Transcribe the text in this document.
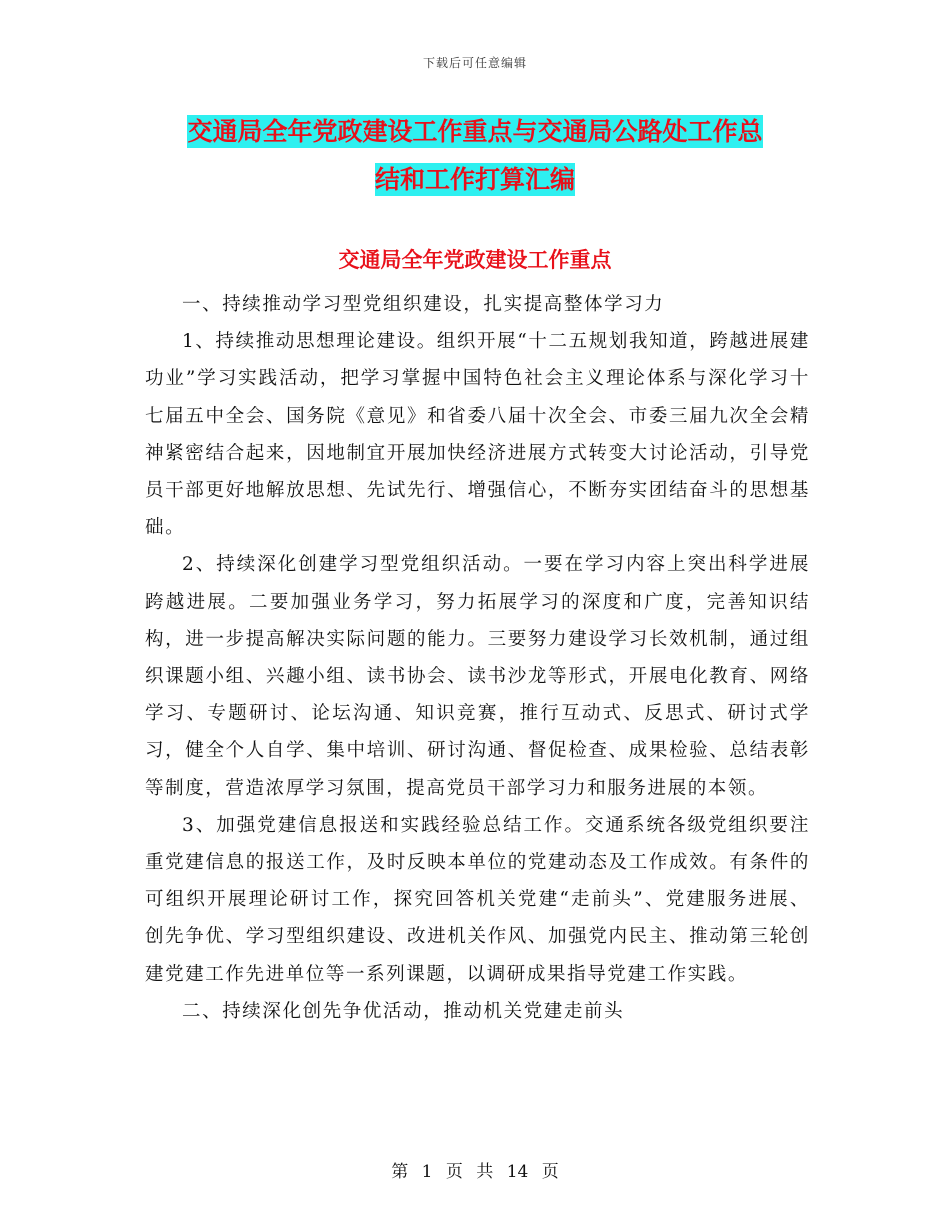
下载后可任意编辑
交通局全年党政建设工作重点与交通局公路处工作总
结和工作打算汇编
交通局全年党政建设工作重点

一、持续推动学习型党组织建设，扎实提高整体学习力

1、持续推动思想理论建设。组织开展“十二五规划我知道，跨越进展建功业”学习实践活动，把学习掌握中国特色社会主义理论体系与深化学习十七届五中全会、国务院《意见》和省委八届十次全会、市委三届九次全会精神紧密结合起来，因地制宜开展加快经济进展方式转变大讨论活动，引导党员干部更好地解放思想、先试先行、增强信心，不断夯实团结奋斗的思想基础。

2、持续深化创建学习型党组织活动。一要在学习内容上突出科学进展跨越进展。二要加强业务学习，努力拓展学习的深度和广度，完善知识结构，进一步提高解决实际问题的能力。三要努力建设学习长效机制，通过组织课题小组、兴趣小组、读书协会、读书沙龙等形式，开展电化教育、网络学习、专题研讨、论坛沟通、知识竞赛，推行互动式、反思式、研讨式学习，健全个人自学、集中培训、研讨沟通、督促检查、成果检验、总结表彰等制度，营造浓厚学习氛围，提高党员干部学习力和服务进展的本领。

3、加强党建信息报送和实践经验总结工作。交通系统各级党组织要注重党建信息的报送工作，及时反映本单位的党建动态及工作成效。有条件的可组织开展理论研讨工作，探究回答机关党建“走前头”、党建服务进展、创先争优、学习型组织建设、改进机关作风、加强党内民主、推动第三轮创建党建工作先进单位等一系列课题，以调研成果指导党建工作实践。

二、持续深化创先争优活动，推动机关党建走前头

第 1 页 共 14 页
